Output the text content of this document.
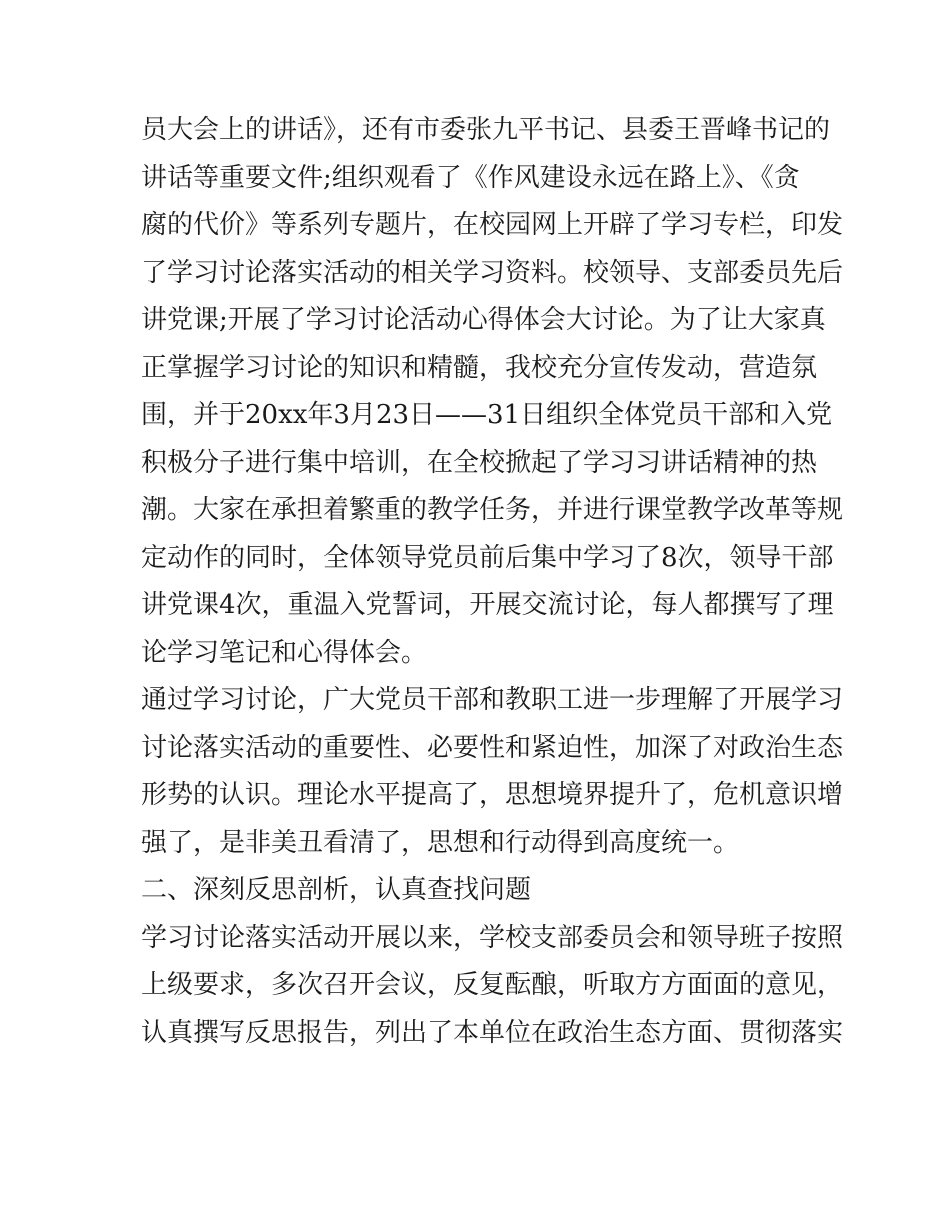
员大会上的讲话》，还有市委张九平书记、县委王晋峰书记的
讲话等重要文件;组织观看了《作风建设永远在路上》、《贪
腐的代价》等系列专题片，在校园网上开辟了学习专栏，印发
了学习讨论落实活动的相关学习资料。校领导、支部委员先后
讲党课;开展了学习讨论活动心得体会大讨论。为了让大家真
正掌握学习讨论的知识和精髓，我校充分宣传发动，营造氛
围，并于20xx年3月23日——31日组织全体党员干部和入党
积极分子进行集中培训，在全校掀起了学习习讲话精神的热
潮。大家在承担着繁重的教学任务，并进行课堂教学改革等规
定动作的同时，全体领导党员前后集中学习了8次，领导干部
讲党课4次，重温入党誓词，开展交流讨论，每人都撰写了理
论学习笔记和心得体会。
通过学习讨论，广大党员干部和教职工进一步理解了开展学习
讨论落实活动的重要性、必要性和紧迫性，加深了对政治生态
形势的认识。理论水平提高了，思想境界提升了，危机意识增
强了，是非美丑看清了，思想和行动得到高度统一。
二、深刻反思剖析，认真查找问题
学习讨论落实活动开展以来，学校支部委员会和领导班子按照
上级要求，多次召开会议，反复酝酿，听取方方面面的意见，
认真撰写反思报告，列出了本单位在政治生态方面、贯彻落实
